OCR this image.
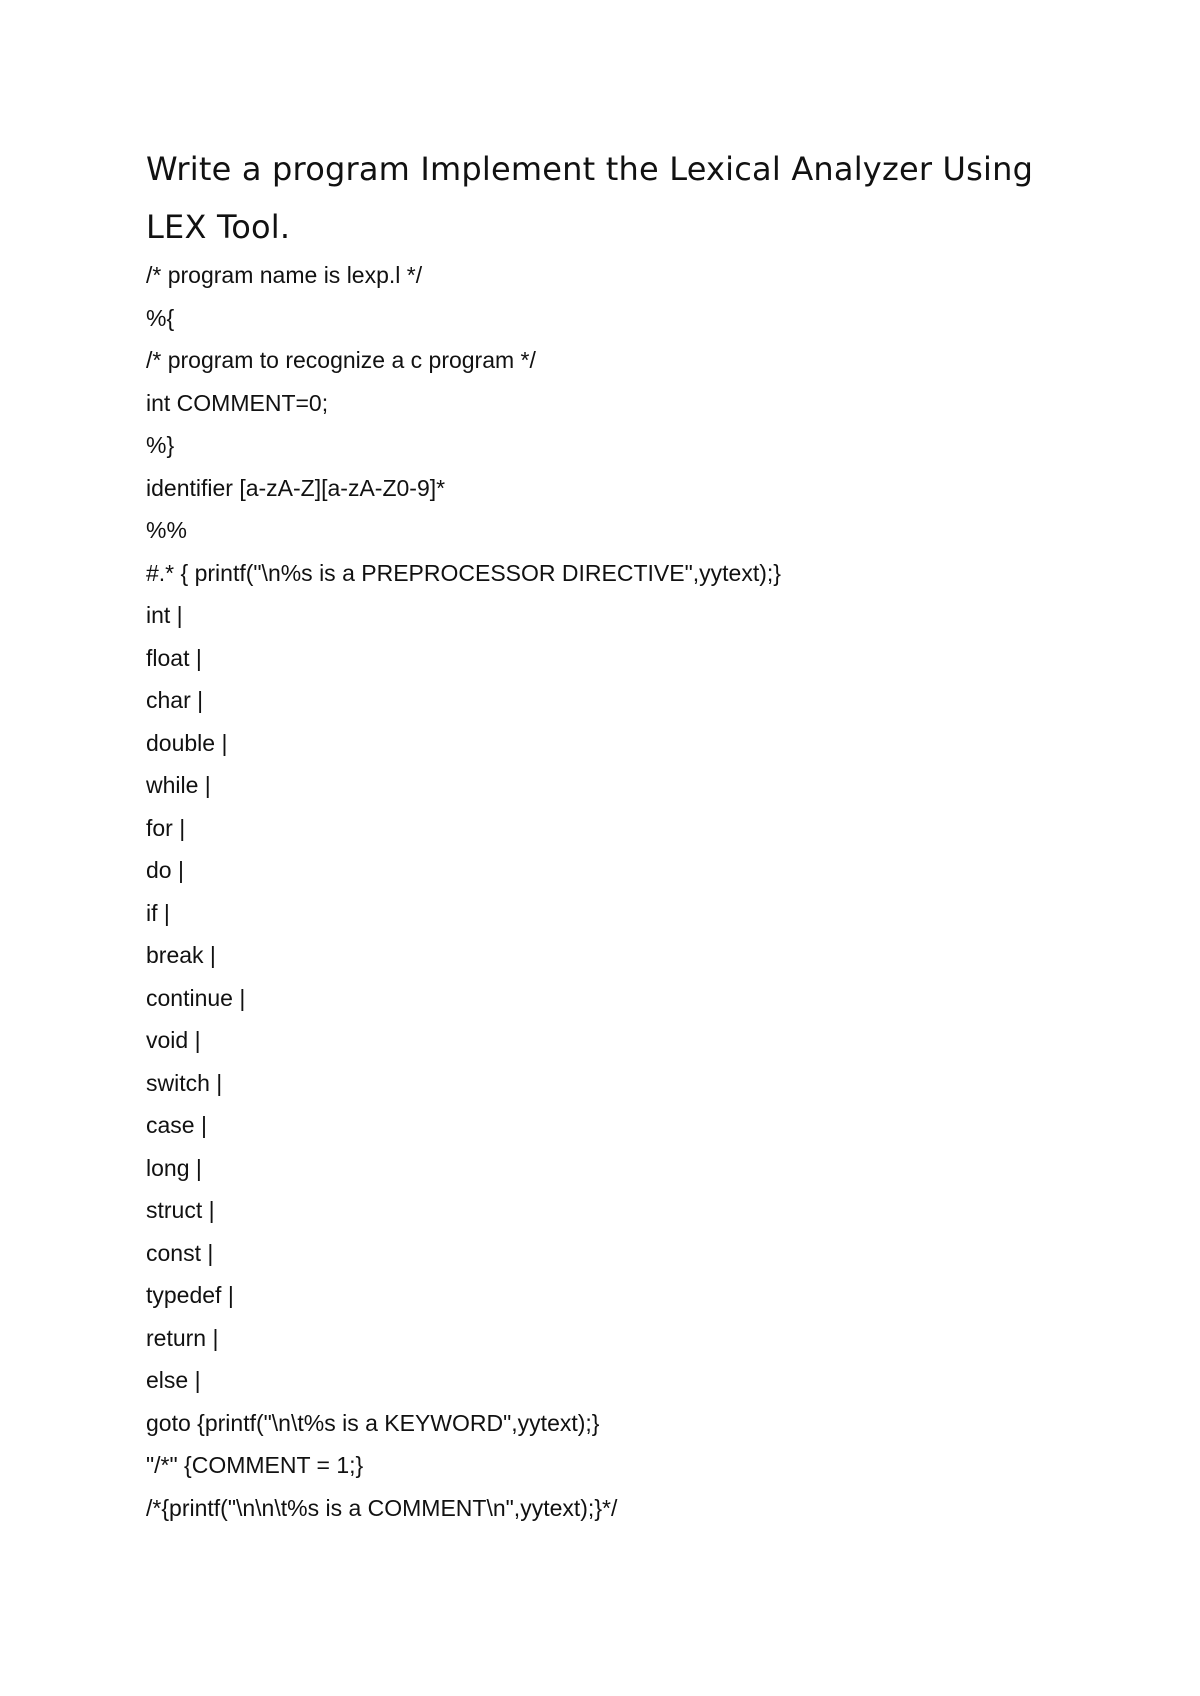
Write a program Implement the Lexical Analyzer Using LEX Tool.
/* program name is lexp.l */
%{
/* program to recognize a c program */
int COMMENT=0;
%}
identifier [a-zA-Z][a-zA-Z0-9]*
%%
#.* { printf("\n%s is a PREPROCESSOR DIRECTIVE",yytext);}
int |
float |
char |
double |
while |
for |
do |
if |
break |
continue |
void |
switch |
case |
long |
struct |
const |
typedef |
return |
else |
goto {printf("\n\t%s is a KEYWORD",yytext);}
"/*" {COMMENT = 1;}
/*{printf("\n\n\t%s is a COMMENT\n",yytext);}*/
